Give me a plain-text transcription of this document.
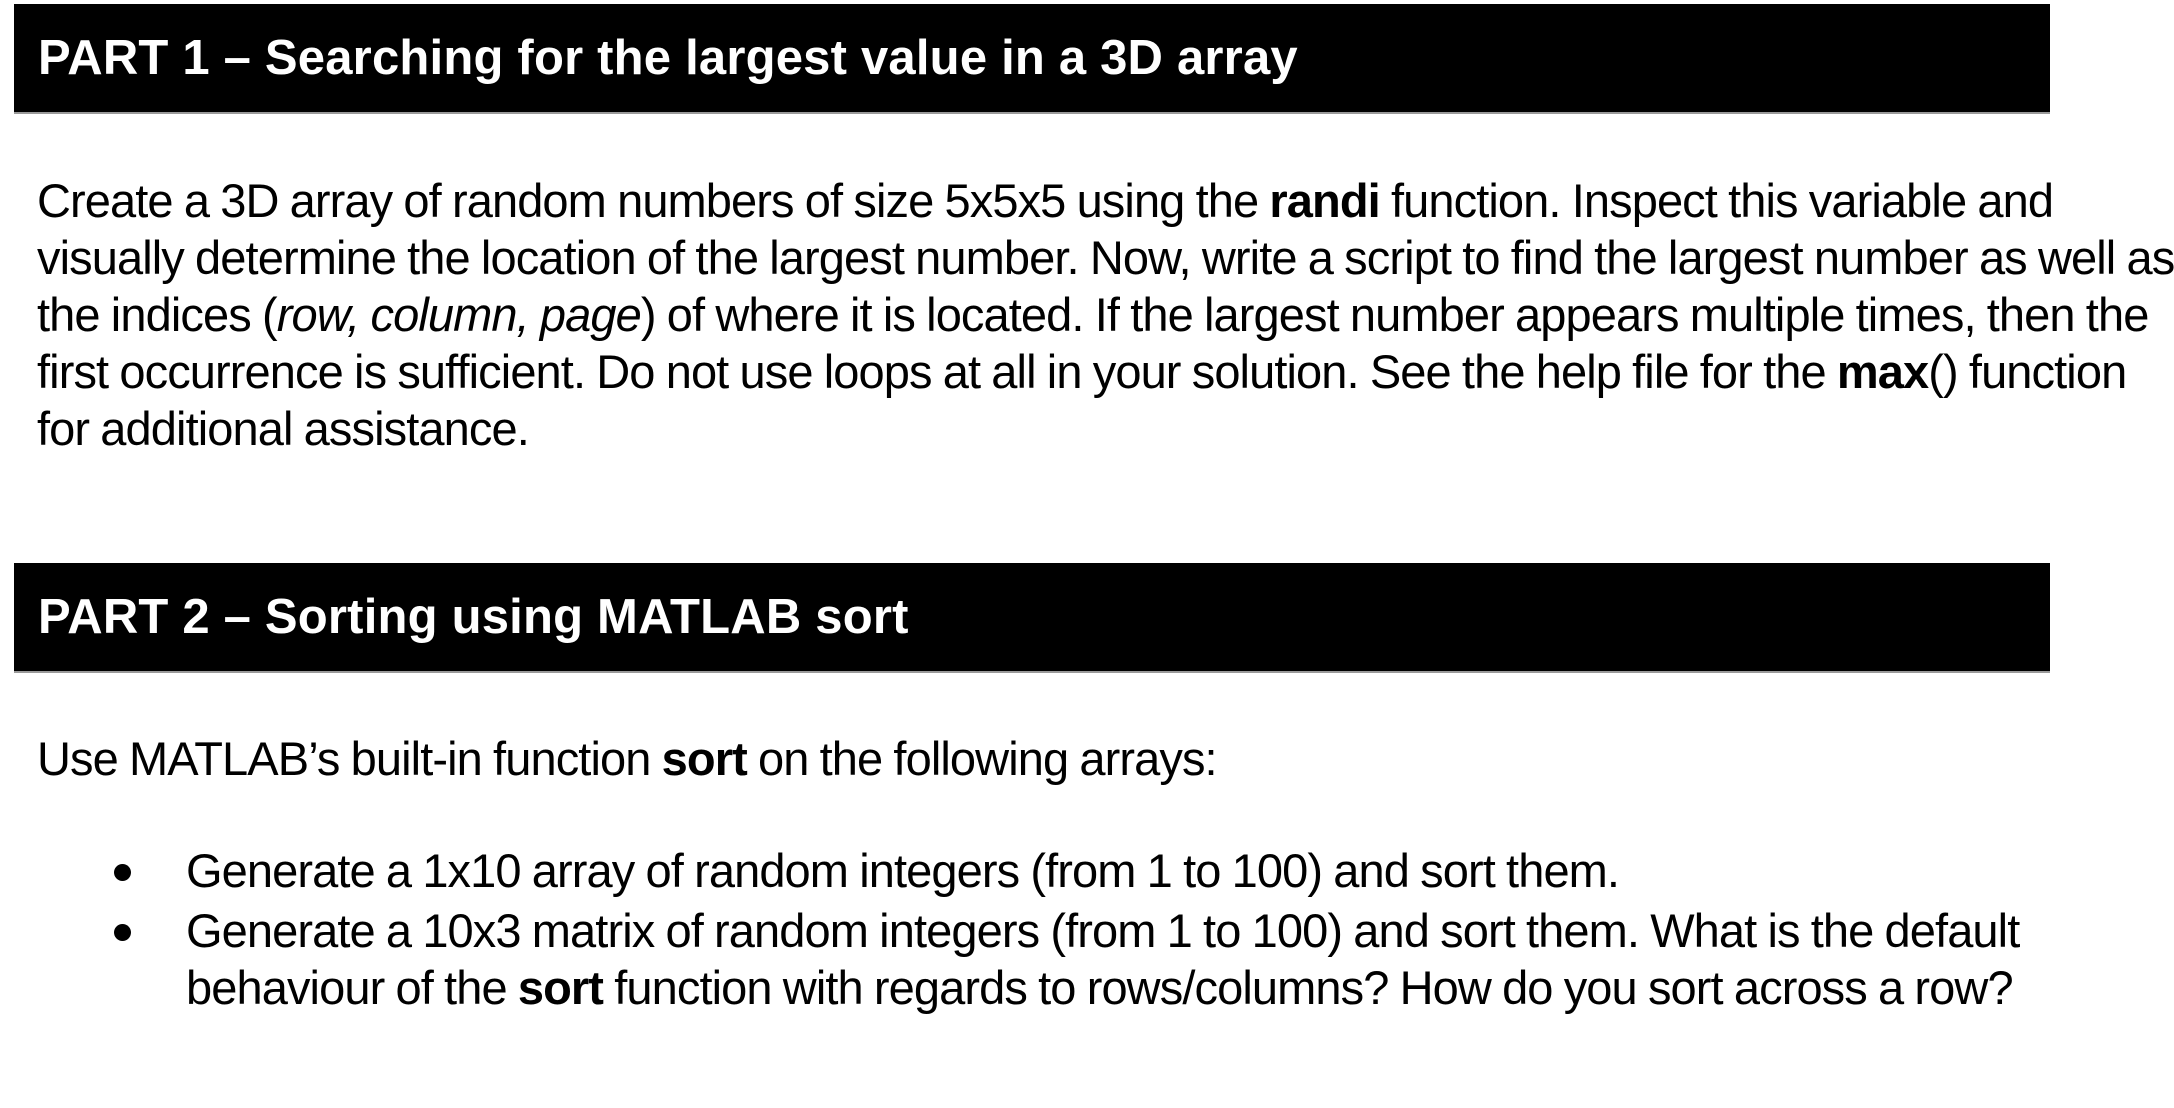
PART 1 – Searching for the largest value in a 3D array
Create a 3D array of random numbers of size 5x5x5 using the randi function. Inspect this variable and
visually determine the location of the largest number. Now, write a script to find the largest number as well as
the indices (row, column, page) of where it is located. If the largest number appears multiple times, then the
first occurrence is sufficient. Do not use loops at all in your solution. See the help file for the max() function
for additional assistance.
PART 2 – Sorting using MATLAB sort
Use MATLAB’s built-in function sort on the following arrays:
Generate a 1x10 array of random integers (from 1 to 100) and sort them.
Generate a 10x3 matrix of random integers (from 1 to 100) and sort them. What is the default
behaviour of the sort function with regards to rows/columns? How do you sort across a row?
